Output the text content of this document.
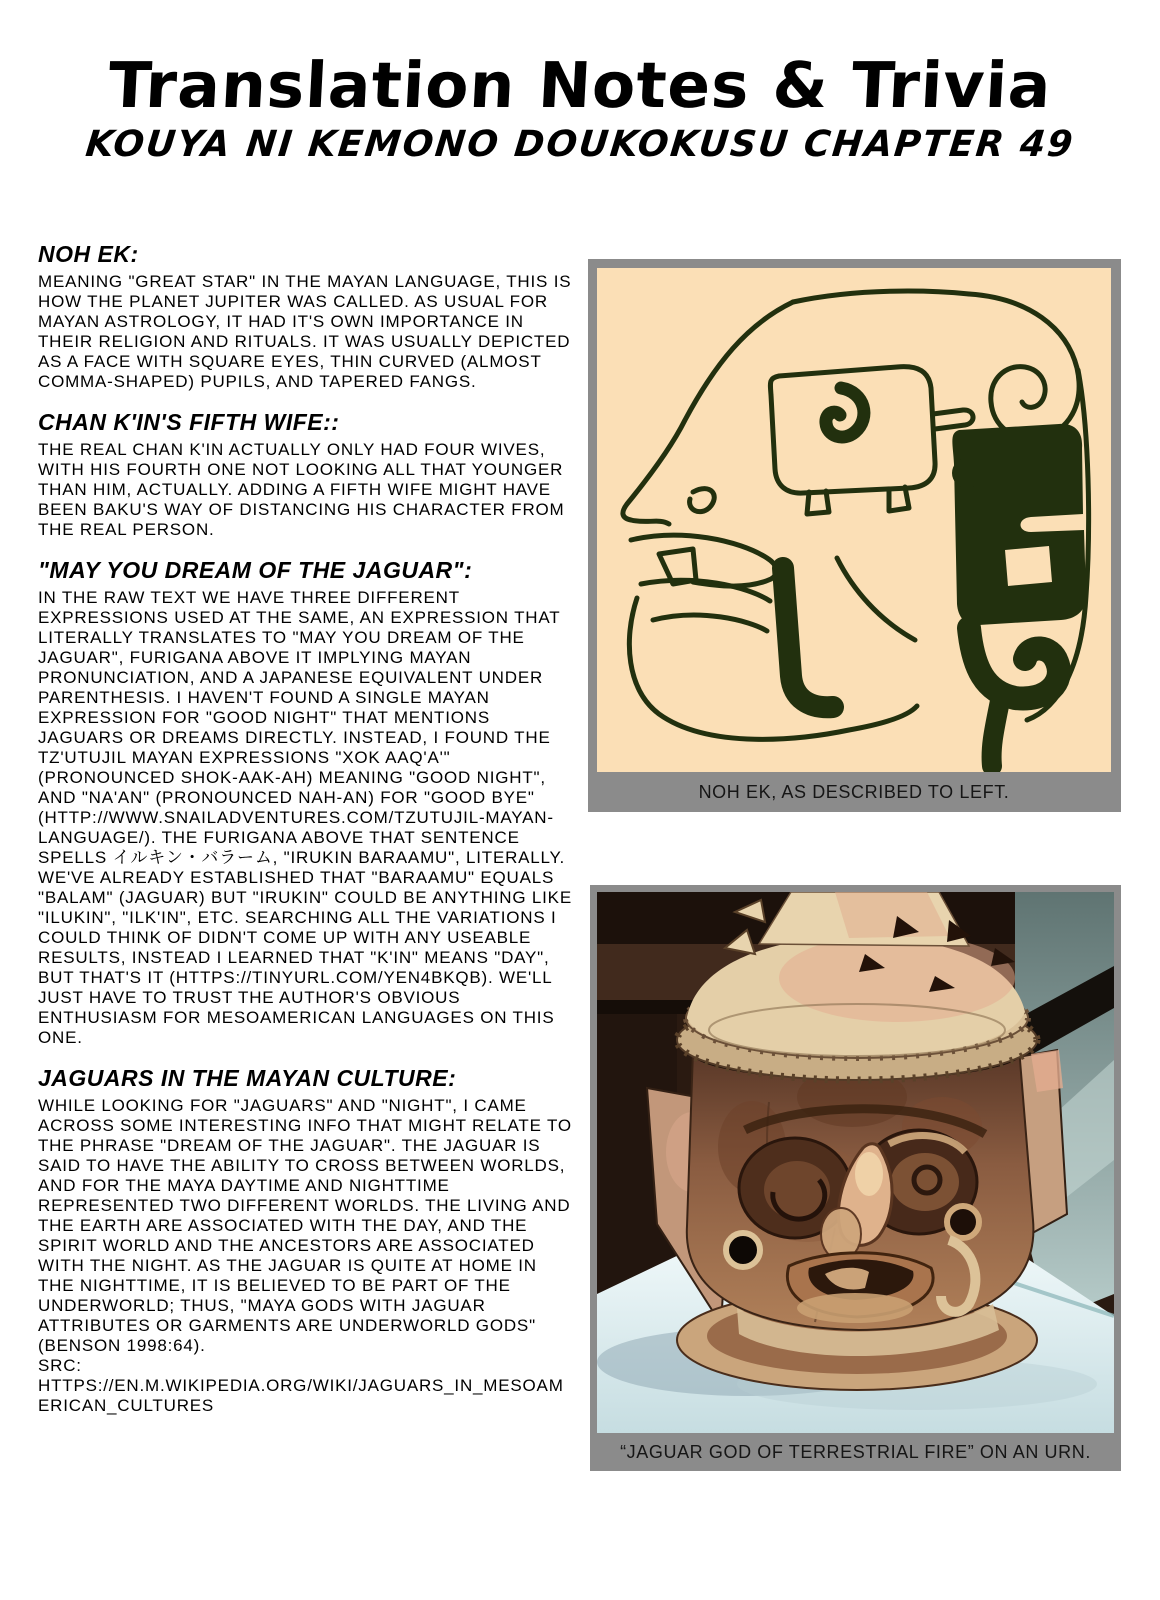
Translation Notes & Trivia
KOUYA NI KEMONO DOUKOKUSU CHAPTER 49
NOH EK:

MEANING "GREAT STAR" IN THE MAYAN LANGUAGE, THIS IS HOW THE PLANET JUPITER WAS CALLED. AS USUAL FOR MAYAN ASTROLOGY, IT HAD IT'S OWN IMPORTANCE IN THEIR RELIGION AND RITUALS. IT WAS USUALLY DEPICTED AS A FACE WITH SQUARE EYES, THIN CURVED (ALMOST COMMA-SHAPED) PUPILS, AND TAPERED FANGS.

CHAN K'IN'S FIFTH WIFE::

THE REAL CHAN K'IN ACTUALLY ONLY HAD FOUR WIVES, WITH HIS FOURTH ONE NOT LOOKING ALL THAT YOUNGER THAN HIM, ACTUALLY. ADDING A FIFTH WIFE MIGHT HAVE BEEN BAKU'S WAY OF DISTANCING HIS CHARACTER FROM THE REAL PERSON.

"MAY YOU DREAM OF THE JAGUAR":

IN THE RAW TEXT WE HAVE THREE DIFFERENT EXPRESSIONS USED AT THE SAME, AN EXPRESSION THAT LITERALLY TRANSLATES TO "MAY YOU DREAM OF THE JAGUAR", FURIGANA ABOVE IT IMPLYING MAYAN PRONUNCIATION, AND A JAPANESE EQUIVALENT UNDER PARENTHESIS. I HAVEN'T FOUND A SINGLE MAYAN EXPRESSION FOR "GOOD NIGHT" THAT MENTIONS JAGUARS OR DREAMS DIRECTLY. INSTEAD, I FOUND THE TZ'UTUJIL MAYAN EXPRESSIONS "XOK AAQ'A'" (PRONOUNCED SHOK-AAK-AH) MEANING "GOOD NIGHT", AND "NA'AN" (PRONOUNCED NAH-AN) FOR "GOOD BYE" (HTTP://WWW.SNAILADVENTURES.COM/TZUTUJIL-MAYAN-LANGUAGE/). THE FURIGANA ABOVE THAT SENTENCE SPELLS イルキン・バラーム, "IRUKIN BARAAMU", LITERALLY. WE'VE ALREADY ESTABLISHED THAT "BARAAMU" EQUALS "BALAM" (JAGUAR) BUT "IRUKIN" COULD BE ANYTHING LIKE "ILUKIN", "ILK'IN", ETC. SEARCHING ALL THE VARIATIONS I COULD THINK OF DIDN'T COME UP WITH ANY USEABLE RESULTS, INSTEAD I LEARNED THAT "K'IN" MEANS "DAY", BUT THAT'S IT (HTTPS://TINYURL.COM/YEN4BKQB). WE'LL JUST HAVE TO TRUST THE AUTHOR'S OBVIOUS ENTHUSIASM FOR MESOAMERICAN LANGUAGES ON THIS ONE.

JAGUARS IN THE MAYAN CULTURE:

WHILE LOOKING FOR "JAGUARS" AND "NIGHT", I CAME ACROSS SOME INTERESTING INFO THAT MIGHT RELATE TO THE PHRASE "DREAM OF THE JAGUAR". THE JAGUAR IS SAID TO HAVE THE ABILITY TO CROSS BETWEEN WORLDS, AND FOR THE MAYA DAYTIME AND NIGHTTIME REPRESENTED TWO DIFFERENT WORLDS. THE LIVING AND THE EARTH ARE ASSOCIATED WITH THE DAY, AND THE SPIRIT WORLD AND THE ANCESTORS ARE ASSOCIATED WITH THE NIGHT. AS THE JAGUAR IS QUITE AT HOME IN THE NIGHTTIME, IT IS BELIEVED TO BE PART OF THE UNDERWORLD; THUS, "MAYA GODS WITH JAGUAR ATTRIBUTES OR GARMENTS ARE UNDERWORLD GODS" (BENSON 1998:64).

SRC: HTTPS://EN.M.WIKIPEDIA.ORG/WIKI/JAGUARS_IN_MESOAMERICAN_CULTURES

NOH EK, AS DESCRIBED TO LEFT.
“JAGUAR GOD OF TERRESTRIAL FIRE” ON AN URN.
